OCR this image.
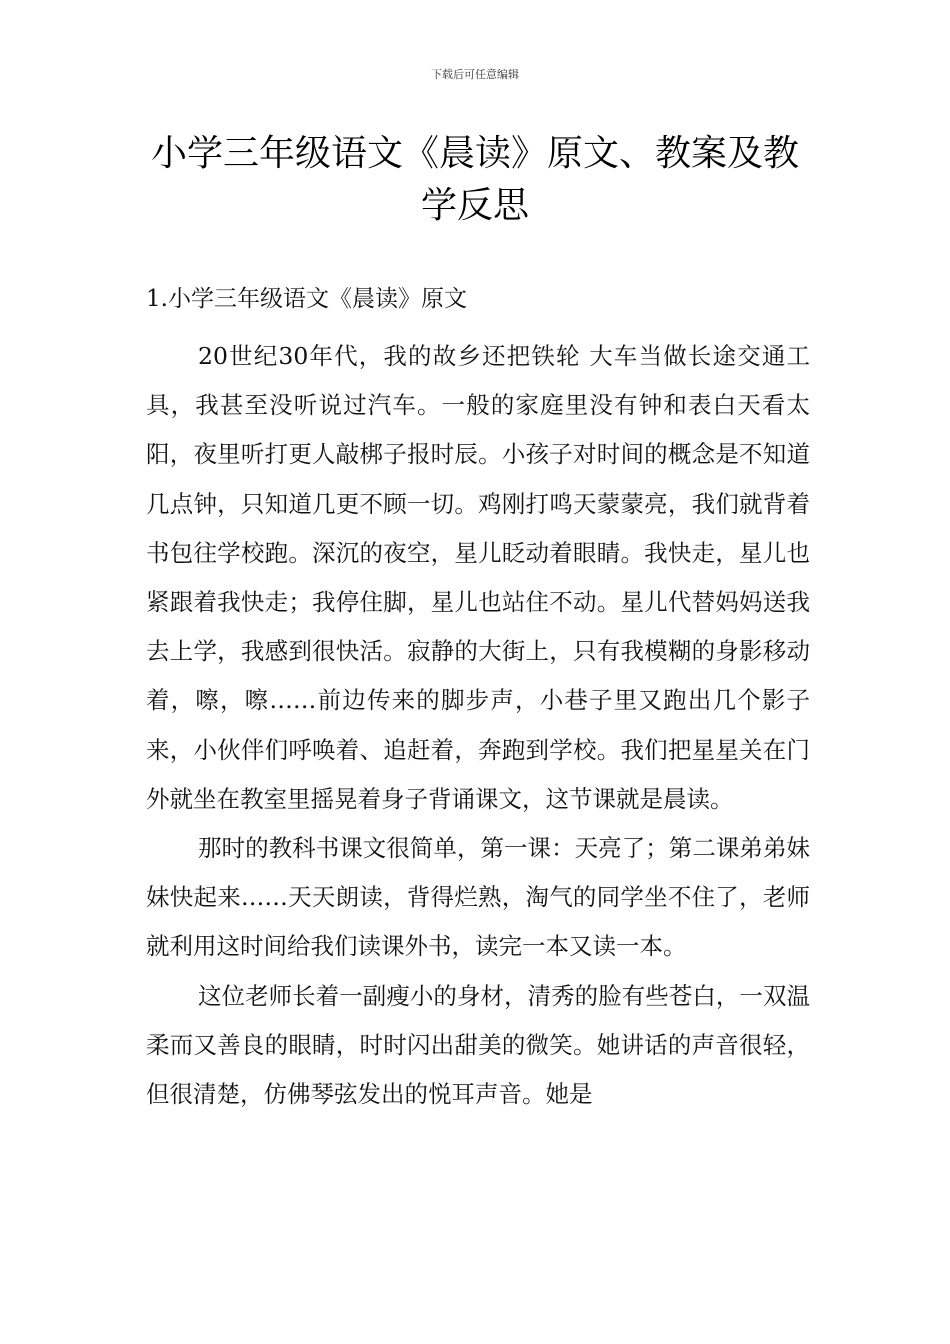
下载后可任意编辑
小学三年级语文《晨读》原文、教案及教学反思
1.小学三年级语文《晨读》原文

20世纪30年代，我的故乡还把铁轮 大车当做长途交通工具，我甚至没听说过汽车。一般的家庭里没有钟和表白天看太阳，夜里听打更人敲梆子报时辰。小孩子对时间的概念是不知道几点钟，只知道几更不顾一切。鸡刚打鸣天蒙蒙亮，我们就背着书包往学校跑。深沉的夜空，星儿眨动着眼睛。我快走，星儿也紧跟着我快走；我停住脚，星儿也站住不动。星儿代替妈妈送我去上学，我感到很快活。寂静的大街上，只有我模糊的身影移动着，嚓，嚓……前边传来的脚步声，小巷子里又跑出几个影子来，小伙伴们呼唤着、追赶着，奔跑到学校。我们把星星关在门外就坐在教室里摇晃着身子背诵课文，这节课就是晨读。

那时的教科书课文很简单，第一课：天亮了；第二课弟弟妹妹快起来……天天朗读，背得烂熟，淘气的同学坐不住了，老师就利用这时间给我们读课外书，读完一本又读一本。

这位老师长着一副瘦小的身材，清秀的脸有些苍白，一双温柔而又善良的眼睛，时时闪出甜美的微笑。她讲话的声音很轻，但很清楚，仿佛琴弦发出的悦耳声音。她是
